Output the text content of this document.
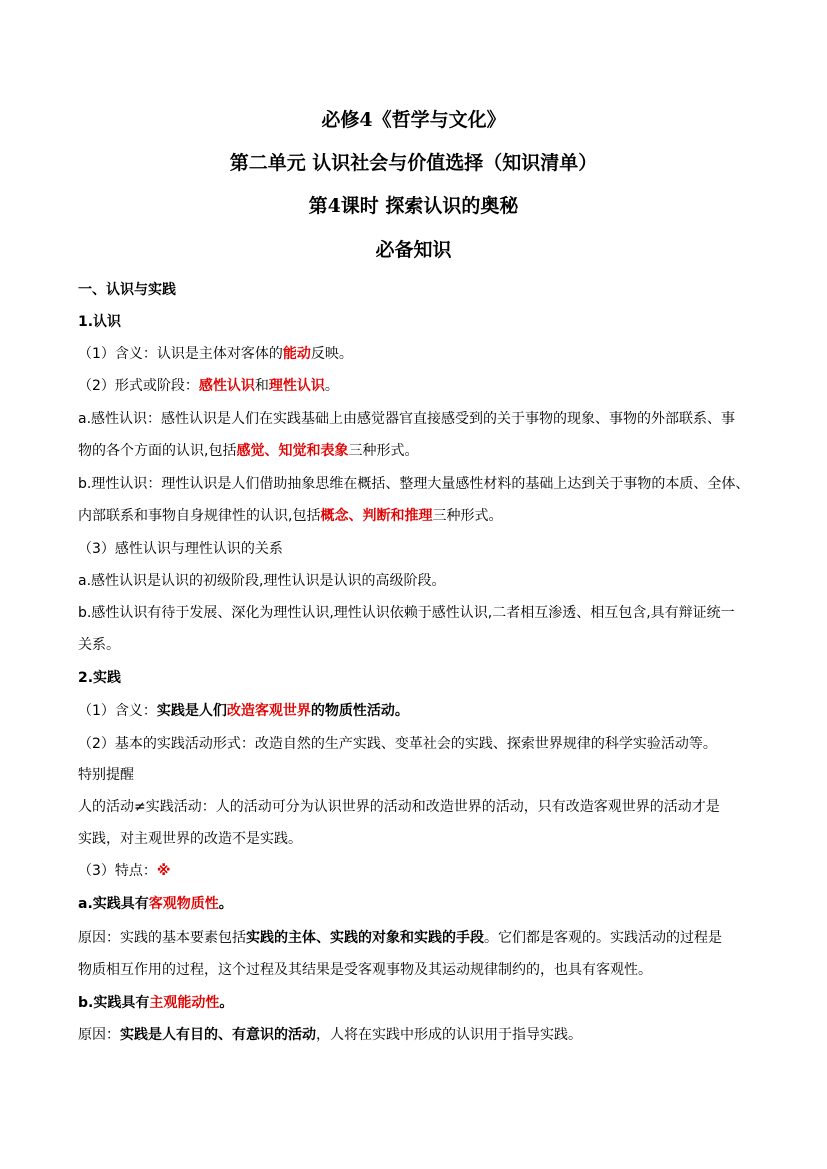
必修4《哲学与文化》
第二单元 认识社会与价值选择（知识清单）
第4课时 探索认识的奥秘
必备知识
一、认识与实践
1.认识
（1）含义：认识是主体对客体的能动反映。
（2）形式或阶段：感性认识和理性认识。
a.感性认识：感性认识是人们在实践基础上由感觉器官直接感受到的关于事物的现象、事物的外部联系、事
物的各个方面的认识,包括感觉、知觉和表象三种形式。
b.理性认识：理性认识是人们借助抽象思维在概括、整理大量感性材料的基础上达到关于事物的本质、全体、
内部联系和事物自身规律性的认识,包括概念、判断和推理三种形式。
（3）感性认识与理性认识的关系
a.感性认识是认识的初级阶段,理性认识是认识的高级阶段。
b.感性认识有待于发展、深化为理性认识,理性认识依赖于感性认识,二者相互渗透、相互包含,具有辩证统一
关系。
2.实践
（1）含义：实践是人们改造客观世界的物质性活动。
（2）基本的实践活动形式：改造自然的生产实践、变革社会的实践、探索世界规律的科学实验活动等。
特别提醒
人的活动≠实践活动：人的活动可分为认识世界的活动和改造世界的活动，只有改造客观世界的活动才是
实践，对主观世界的改造不是实践。
（3）特点：※
a.实践具有客观物质性。
原因：实践的基本要素包括实践的主体、实践的对象和实践的手段。它们都是客观的。实践活动的过程是
物质相互作用的过程，这个过程及其结果是受客观事物及其运动规律制约的，也具有客观性。
b.实践具有主观能动性。
原因：实践是人有目的、有意识的活动，人将在实践中形成的认识用于指导实践。
